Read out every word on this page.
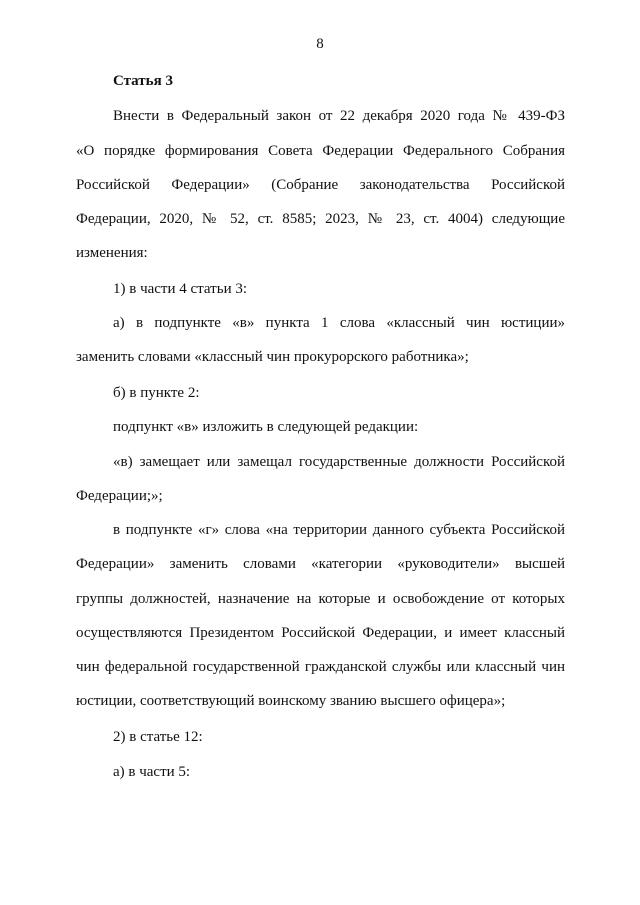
8
Статья 3
Внести в Федеральный закон от 22 декабря 2020 года № 439-ФЗ
«О порядке формирования Совета Федерации Федерального Собрания
Российской Федерации» (Собрание законодательства Российской
Федерации, 2020, № 52, ст. 8585; 2023, № 23, ст. 4004) следующие
изменения:
1) в части 4 статьи 3:
а) в подпункте «в» пункта 1 слова «классный чин юстиции»
заменить словами «классный чин прокурорского работника»;
б) в пункте 2:
подпункт «в» изложить в следующей редакции:
«в) замещает или замещал государственные должности Российской
Федерации;»;
в подпункте «г» слова «на территории данного субъекта Российской
Федерации» заменить словами «категории «руководители» высшей
группы должностей, назначение на которые и освобождение от которых
осуществляются Президентом Российской Федерации, и имеет классный
чин федеральной государственной гражданской службы или классный чин
юстиции, соответствующий воинскому званию высшего офицера»;
2) в статье 12:
а) в части 5:
